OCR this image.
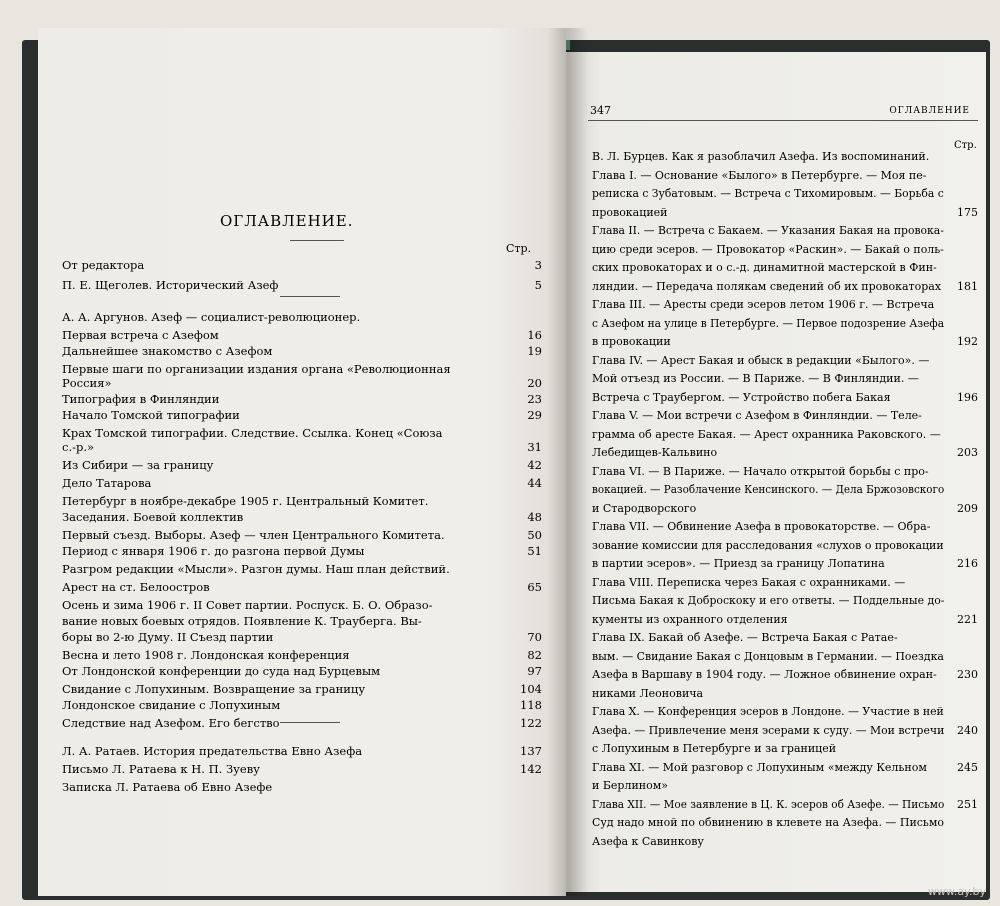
ОГЛАВЛЕНИЕ.
Стр.
От редактора	3
П. Е. Щеголев. Исторический Азеф	5
А. А. Аргунов. Азеф — социалист-революционер.
Первая встреча с Азефом	16
Дальнейшее знакомство с Азефом	19
Первые шаги по организации издания органа «Революционная
Россия»	20
Типография в Финляндии	23
Начало Томской типографии	29
Крах Томской типографии. Следствие. Ссылка. Конец «Союза
с.-р.»	31
Из Сибири — за границу	42
Дело Татарова	44
Петербург в ноябре-декабре 1905 г. Центральный Комитет.
Заседания. Боевой коллектив	48
Первый съезд. Выборы. Азеф — член Центрального Комитета.	50
Период с января 1906 г. до разгона первой Думы	51
Разгром редакции «Мысли». Разгон думы. Наш план действий.
Арест на ст. Белоостров	65
Осень и зима 1906 г. II Совет партии. Роспуск. Б. О. Образо-
вание новых боевых отрядов. Появление К. Трауберга. Вы-
боры во 2-ю Думу. II Съезд партии	70
Весна и лето 1908 г. Лондонская конференция	82
От Лондонской конференции до суда над Бурцевым	97
Свидание с Лопухиным. Возвращение за границу	104
Лондонское свидание с Лопухиным	118
Следствие над Азефом. Его бегство	122
Л. А. Ратаев. История предательства Евно Азефа	137
Письмо Л. Ратаева к Н. П. Зуеву	142
Записка Л. Ратаева об Евно Азефе
347	ОГЛАВЛЕНИЕ
Стр.
В. Л. Бурцев. Как я разоблачил Азефа. Из воспоминаний.
Глава I. — Основание «Былого» в Петербурге. — Моя пе-
реписка с Зубатовым. — Встреча с Тихомировым. — Борьба с
провокацией	175
Глава II. — Встреча с Бакаем. — Указания Бакая на провока-
цию среди эсеров. — Провокатор «Раскин». — Бакай о поль-
ских провокаторах и о с.-д. динамитной мастерской в Фин-
ляндии. — Передача полякам сведений об их провокаторах 181
Глава III. — Аресты среди эсеров летом 1906 г. — Встреча
с Азефом на улице в Петербурге. — Первое подозрение Азефа
в провокации	192
Глава IV. — Арест Бакая и обыск в редакции «Былого». —
Мой отъезд из России. — В Париже. — В Финляндии. —
Встреча с Траубергом. — Устройство побега Бакая	196
Глава V. — Мои встречи с Азефом в Финляндии. — Теле-
грамма об аресте Бакая. — Арест охранника Раковского. —
Лебедищев-Кальвино	203
Глава VI. — В Париже. — Начало открытой борьбы с про-
вокацией. — Разоблачение Кенсинского. — Дела Бржозовского
и Стародворского	209
Глава VII. — Обвинение Азефа в провокаторстве. — Обра-
зование комиссии для расследования «слухов о провокации
в партии эсеров». — Приезд за границу Лопатина	216
Глава VIII. Переписка через Бакая с охранниками. —
Письма Бакая к Доброскоку и его ответы. — Поддельные до-
кументы из охранного отделения	221
Глава IX. Бакай об Азефе. — Встреча Бакая с Ратае-
вым. — Свидание Бакая с Донцовым в Германии. — Поездка
Азефа в Варшаву в 1904 году. — Ложное обвинение охран- 230
никами Леоновича
Глава X. — Конференция эсеров в Лондоне. — Участие в ней
Азефа. — Привлечение меня эсерами к суду. — Мои встречи 240
с Лопухиным в Петербурге и за границей
Глава XI. — Мой разговор с Лопухиным «между Кельном	245
и Берлином»
Глава XII. — Мое заявление в Ц. К. эсеров об Азефе. — Письмо 251
Суд надо мной по обвинению в клевете на Азефа. — Письмо
Азефа к Савинкову
www.ay.by
